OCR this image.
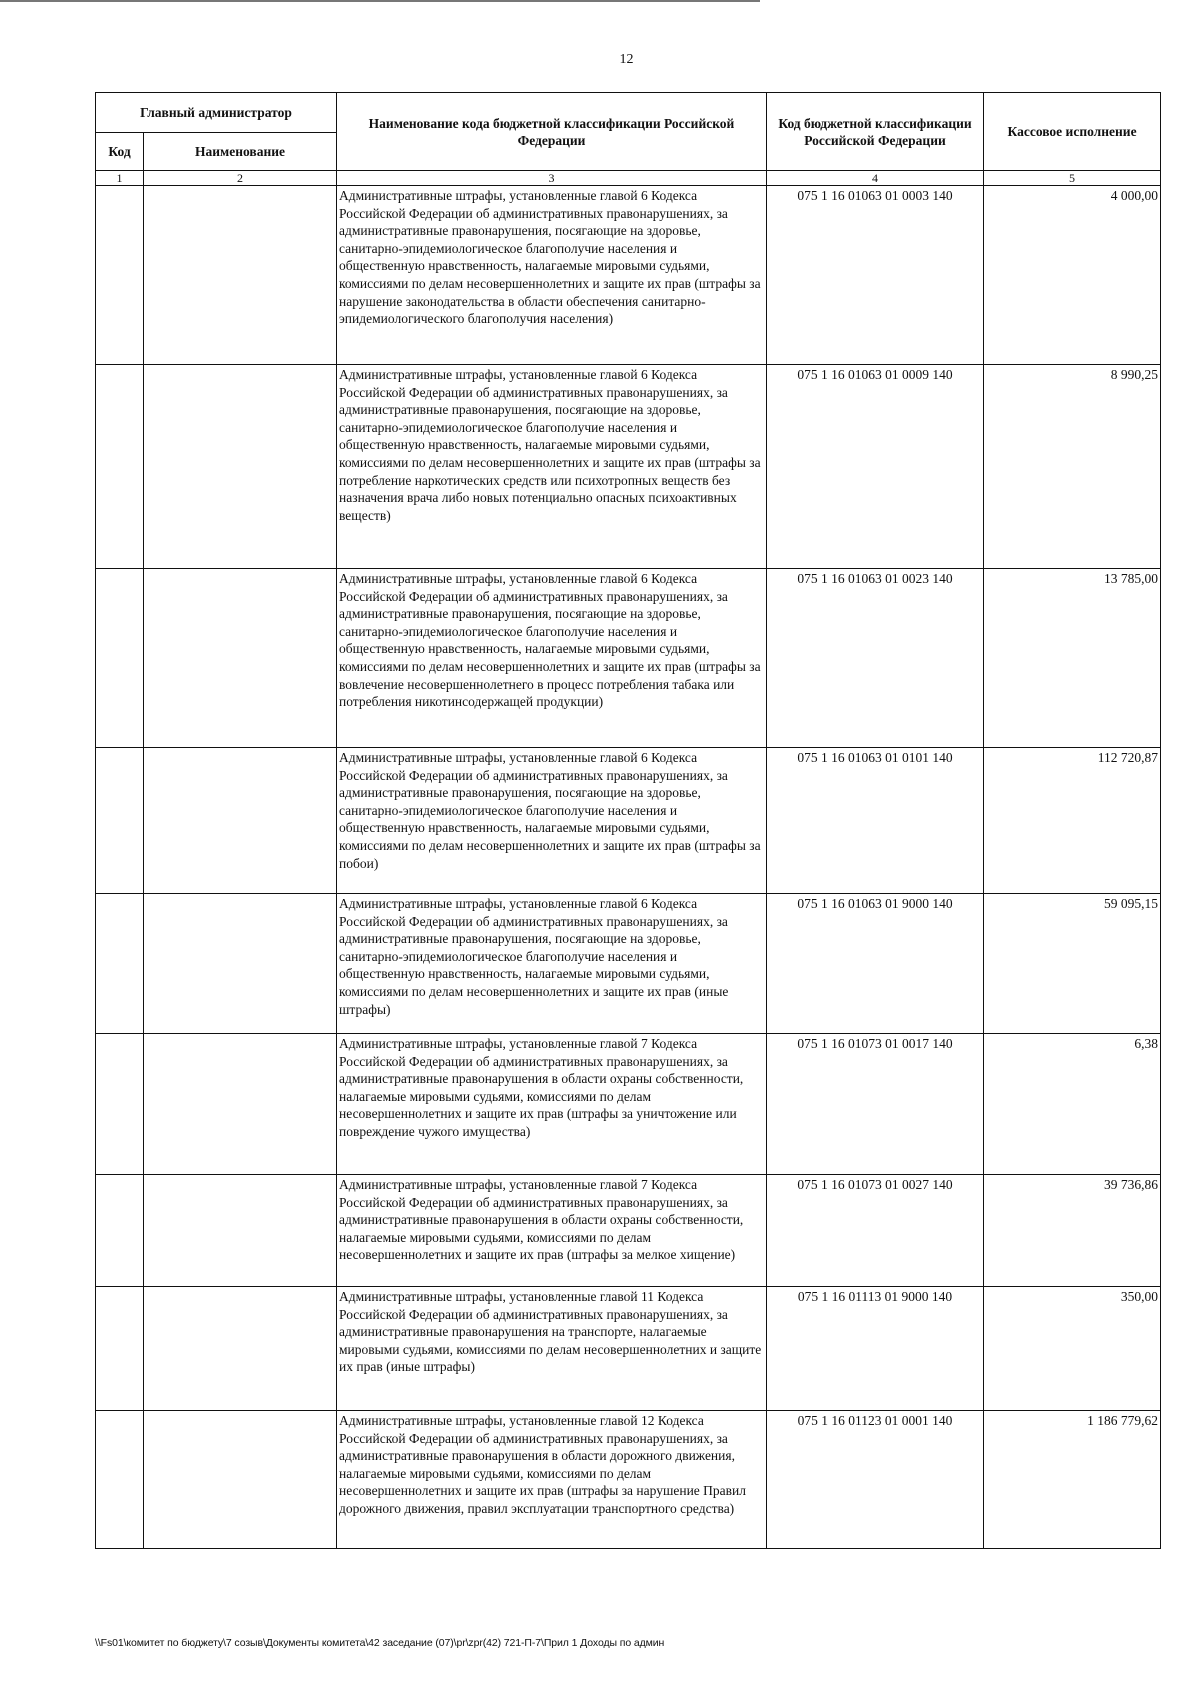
12
Главный администратор		Наименование кода бюджетной классификации Российской Федерации	Код бюджетной классификации Российской Федерации	Кассовое исполнение
Код	Наименование			
1	2	3	4	5
		Административные штрафы, установленные главой 6 Кодекса Российской Федерации об административных правонарушениях, за административные правонарушения, посягающие на здоровье, санитарно-эпидемиологическое благополучие населения и общественную нравственность, налагаемые мировыми судьями, комиссиями по делам несовершеннолетних и защите их прав (штрафы за нарушение законодательства в области обеспечения санитарно-эпидемиологического благополучия населения)	075 1 16 01063 01 0003 140	4 000,00
		Административные штрафы, установленные главой 6 Кодекса Российской Федерации об административных правонарушениях, за административные правонарушения, посягающие на здоровье, санитарно-эпидемиологическое благополучие населения и общественную нравственность, налагаемые мировыми судьями, комиссиями по делам несовершеннолетних и защите их прав (штрафы за потребление наркотических средств или психотропных веществ без назначения врача либо новых потенциально опасных психоактивных веществ)	075 1 16 01063 01 0009 140	8 990,25
		Административные штрафы, установленные главой 6 Кодекса Российской Федерации об административных правонарушениях, за административные правонарушения, посягающие на здоровье, санитарно-эпидемиологическое благополучие населения и общественную нравственность, налагаемые мировыми судьями, комиссиями по делам несовершеннолетних и защите их прав (штрафы за вовлечение несовершеннолетнего в процесс потребления табака или потребления никотинсодержащей продукции)	075 1 16 01063 01 0023 140	13 785,00
		Административные штрафы, установленные главой 6 Кодекса Российской Федерации об административных правонарушениях, за административные правонарушения, посягающие на здоровье, санитарно-эпидемиологическое благополучие населения и общественную нравственность, налагаемые мировыми судьями, комиссиями по делам несовершеннолетних и защите их прав (штрафы за побои)	075 1 16 01063 01 0101 140	112 720,87
		Административные штрафы, установленные главой 6 Кодекса Российской Федерации об административных правонарушениях, за административные правонарушения, посягающие на здоровье, санитарно-эпидемиологическое благополучие населения и общественную нравственность, налагаемые мировыми судьями, комиссиями по делам несовершеннолетних и защите их прав (иные штрафы)	075 1 16 01063 01 9000 140	59 095,15
		Административные штрафы, установленные главой 7 Кодекса Российской Федерации об административных правонарушениях, за административные правонарушения в области охраны собственности, налагаемые мировыми судьями, комиссиями по делам несовершеннолетних и защите их прав (штрафы за уничтожение или повреждение чужого имущества)	075 1 16 01073 01 0017 140	6,38
		Административные штрафы, установленные главой 7 Кодекса Российской Федерации об административных правонарушениях, за административные правонарушения в области охраны собственности, налагаемые мировыми судьями, комиссиями по делам несовершеннолетних и защите их прав (штрафы за мелкое хищение)	075 1 16 01073 01 0027 140	39 736,86
		Административные штрафы, установленные главой 11 Кодекса Российской Федерации об административных правонарушениях, за административные правонарушения на транспорте, налагаемые мировыми судьями, комиссиями по делам несовершеннолетних и защите их прав (иные штрафы)	075 1 16 01113 01 9000 140	350,00
		Административные штрафы, установленные главой 12 Кодекса Российской Федерации об административных правонарушениях, за административные правонарушения в области дорожного движения, налагаемые мировыми судьями, комиссиями по делам несовершеннолетних и защите их прав (штрафы за нарушение Правил дорожного движения, правил эксплуатации транспортного средства)	075 1 16 01123 01 0001 140	1 186 779,62
\\Fs01\комитет по бюджету\7 созыв\Документы комитета\42 заседание (07)\pr\zpr(42) 721-П-7\Прил 1 Доходы по админ
